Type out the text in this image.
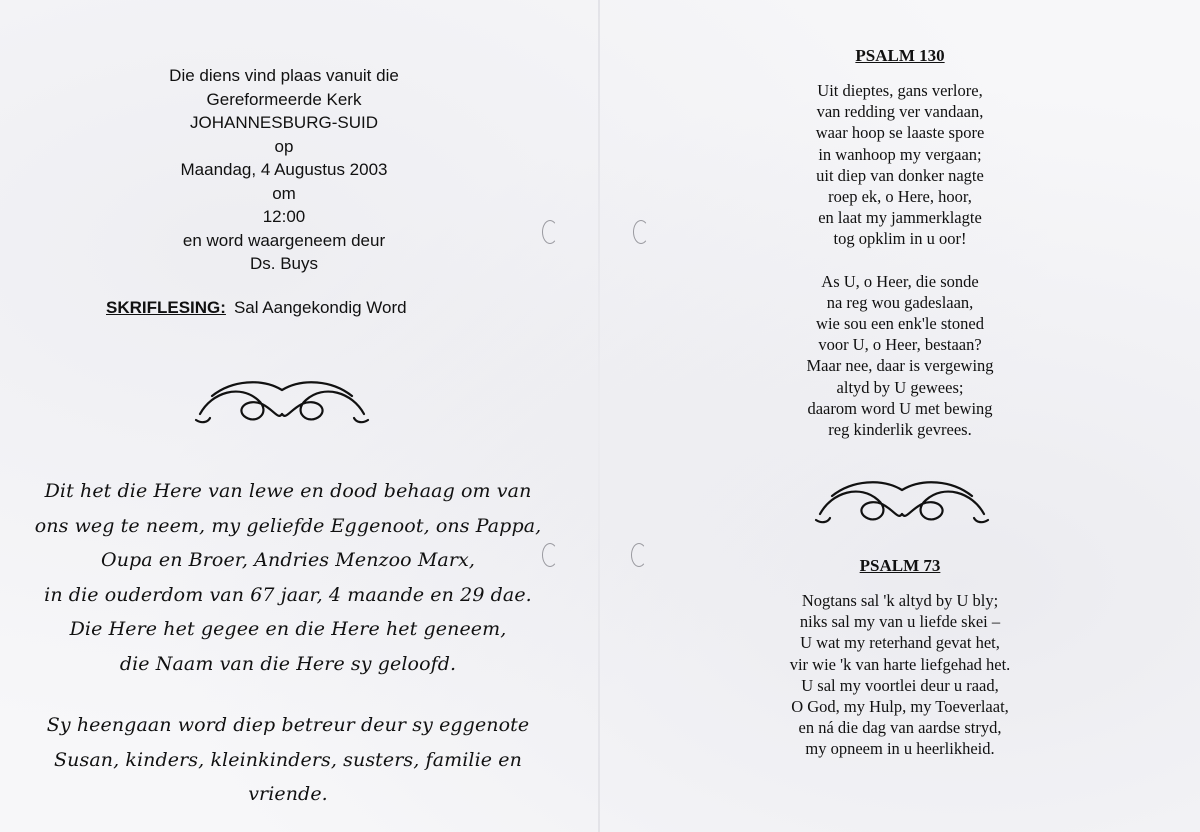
Die diens vind plaas vanuit die
Gereformeerde Kerk
JOHANNESBURG-SUID
op
Maandag, 4 Augustus 2003
om
12:00
en word waargeneem deur
Ds. Buys
SKRIFLESING: Sal Aangekondig Word
Dit het die Here van lewe en dood behaag om van
ons weg te neem, my geliefde Eggenoot, ons Pappa,
Oupa en Broer, Andries Menzoo Marx,
in die ouderdom van 67 jaar, 4 maande en 29 dae.
Die Here het gegee en die Here het geneem,
die Naam van die Here sy geloofd.
Sy heengaan word diep betreur deur sy eggenote
Susan, kinders, kleinkinders, susters, familie en vriende.
PSALM 130
Uit dieptes, gans verlore,
van redding ver vandaan,
waar hoop se laaste spore
in wanhoop my vergaan;
uit diep van donker nagte
roep ek, o Here, hoor,
en laat my jammerklagte
tog opklim in u oor!
As U, o Heer, die sonde
na reg wou gadeslaan,
wie sou een enk'le stoned
voor U, o Heer, bestaan?
Maar nee, daar is vergewing
altyd by U gewees;
daarom word U met bewing
reg kinderlik gevrees.
PSALM 73
Nogtans sal 'k altyd by U bly;
niks sal my van u liefde skei –
U wat my reterhand gevat het,
vir wie 'k van harte liefgehad het.
U sal my voortlei deur u raad,
O God, my Hulp, my Toeverlaat,
en ná die dag van aardse stryd,
my opneem in u heerlikheid.
